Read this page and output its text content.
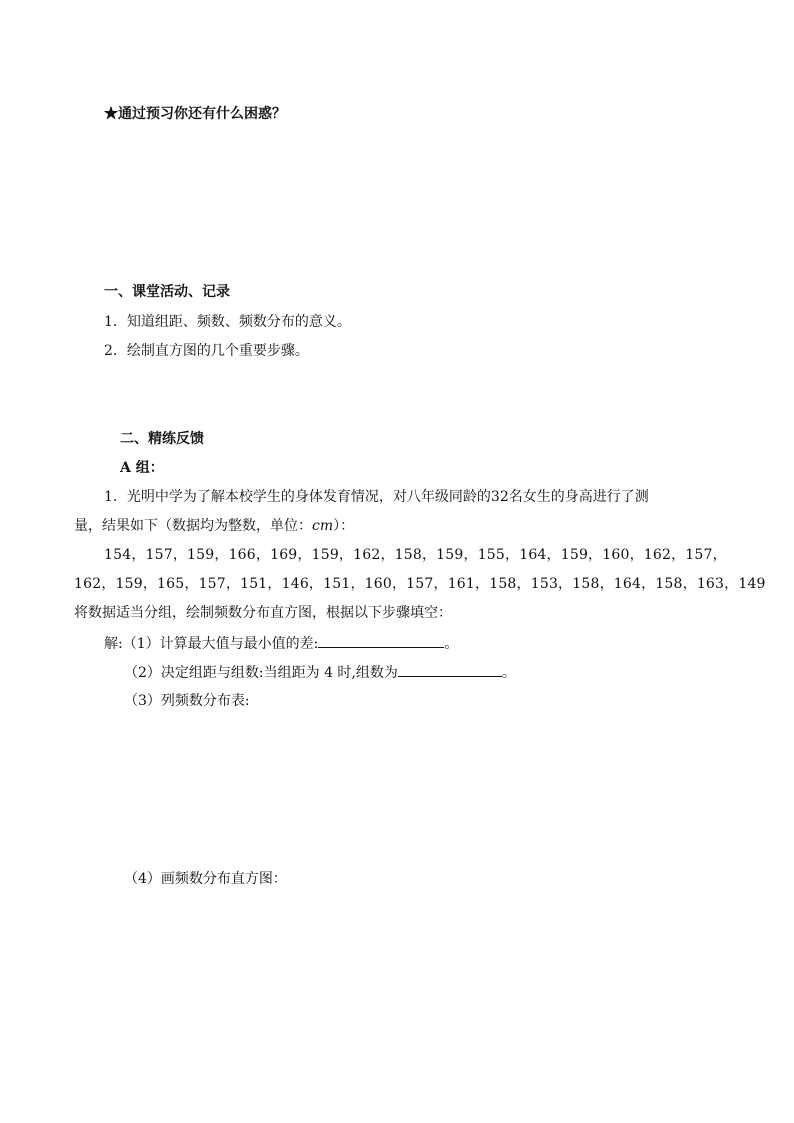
★通过预习你还有什么困惑？
一、课堂活动、记录
1．知道组距、频数、频数分布的意义。
2．绘制直方图的几个重要步骤。
二、精练反馈
A 组：
1．光明中学为了解本校学生的身体发育情况，对八年级同龄的32名女生的身高进行了测
量，结果如下（数据均为整数，单位：cm）：
154，157，159，166，169，159，162，158，159，155，164，159，160，162，157，
162，159，165，157，151，146，151，160，157，161，158，153，158，164，158，163，149
将数据适当分组，绘制频数分布直方图，根据以下步骤填空：
解:（1）计算最大值与最小值的差:	。
（2）决定组距与组数:当组距为 4 时,组数为	。
（3）列频数分布表:
（4）画频数分布直方图：
